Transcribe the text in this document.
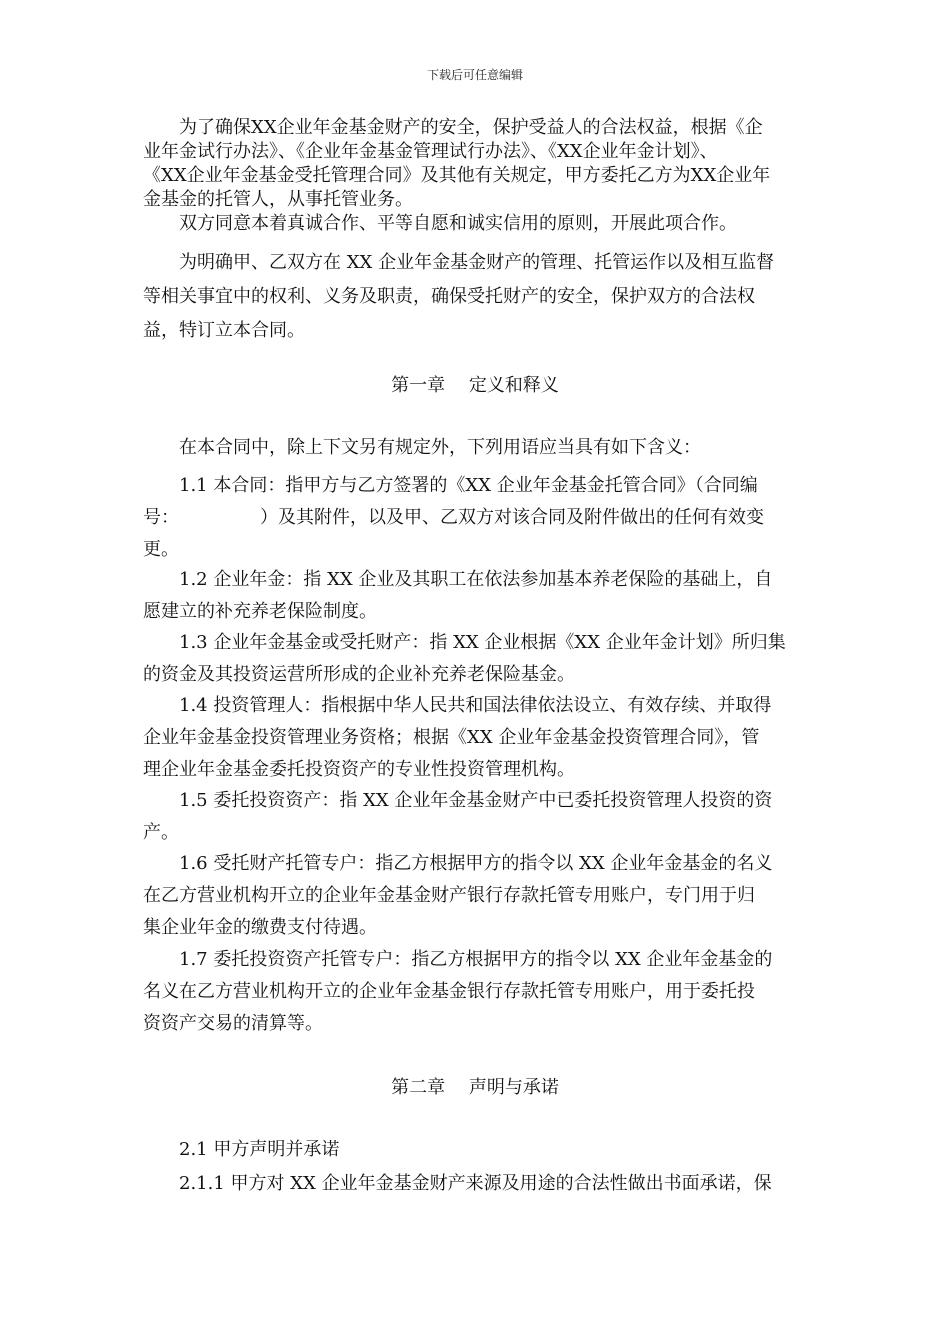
下载后可任意编辑
为了确保XX企业年金基金财产的安全，保护受益人的合法权益，根据《企
业年金试行办法》、《企业年金基金管理试行办法》、《XX企业年金计划》、
《XX企业年金基金受托管理合同》及其他有关规定，甲方委托乙方为XX企业年
金基金的托管人，从事托管业务。
双方同意本着真诚合作、平等自愿和诚实信用的原则，开展此项合作。
为明确甲、乙双方在 XX 企业年金基金财产的管理、托管运作以及相互监督
等相关事宜中的权利、义务及职责，确保受托财产的安全，保护双方的合法权
益，特订立本合同。
第一章　 定义和释义
在本合同中，除上下文另有规定外，下列用语应当具有如下含义：
1.1 本合同：指甲方与乙方签署的《XX 企业年金基金托管合同》（合同编
号：　　　　　）及其附件，以及甲、乙双方对该合同及附件做出的任何有效变
更。
1.2 企业年金：指 XX 企业及其职工在依法参加基本养老保险的基础上，自
愿建立的补充养老保险制度。
1.3 企业年金基金或受托财产：指 XX 企业根据《XX 企业年金计划》所归集
的资金及其投资运营所形成的企业补充养老保险基金。
1.4 投资管理人：指根据中华人民共和国法律依法设立、有效存续、并取得
企业年金基金投资管理业务资格；根据《XX 企业年金基金投资管理合同》，管
理企业年金基金委托投资资产的专业性投资管理机构。
1.5 委托投资资产：指 XX 企业年金基金财产中已委托投资管理人投资的资
产。
1.6 受托财产托管专户：指乙方根据甲方的指令以 XX 企业年金基金的名义
在乙方营业机构开立的企业年金基金财产银行存款托管专用账户，专门用于归
集企业年金的缴费支付待遇。
1.7 委托投资资产托管专户：指乙方根据甲方的指令以 XX 企业年金基金的
名义在乙方营业机构开立的企业年金基金银行存款托管专用账户，用于委托投
资资产交易的清算等。
第二章　 声明与承诺
2.1 甲方声明并承诺
2.1.1 甲方对 XX 企业年金基金财产来源及用途的合法性做出书面承诺，保
